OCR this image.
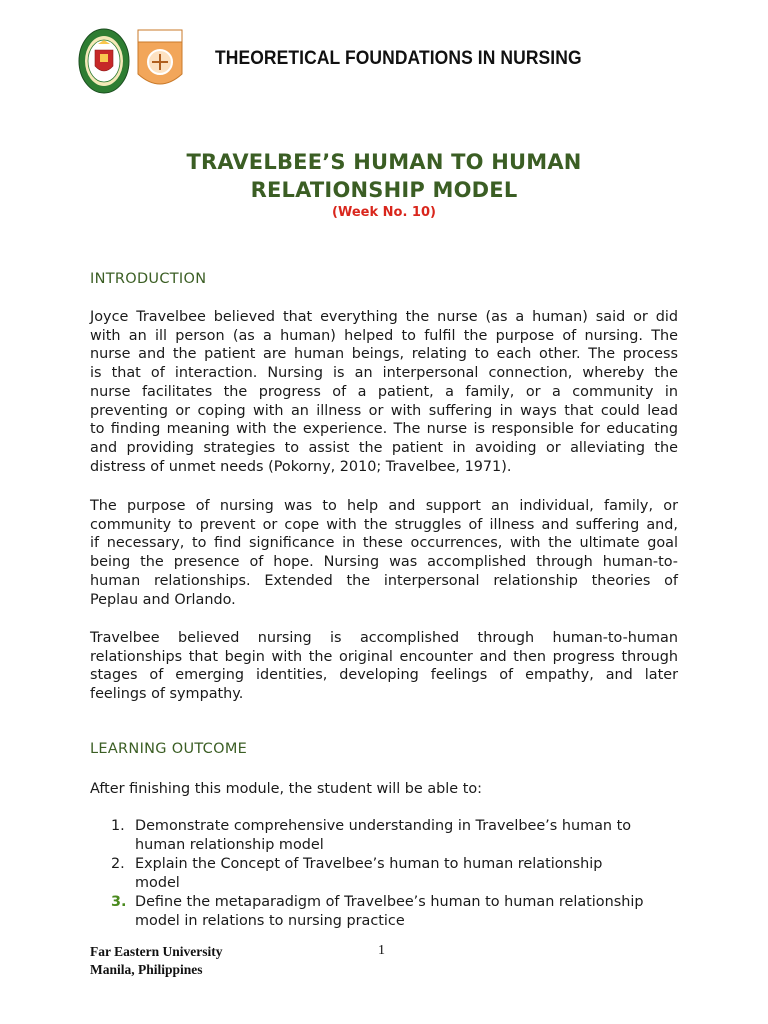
THEORETICAL FOUNDATIONS IN NURSING
TRAVELBEE’S HUMAN TO HUMAN
RELATIONSHIP MODEL
(Week No. 10)
INTRODUCTION
Joyce Travelbee believed that everything the nurse (as a human) said or did
with an ill person (as a human) helped to fulfil the purpose of nursing. The
nurse and the patient are human beings, relating to each other. The process
is that of interaction. Nursing is an interpersonal connection, whereby the
nurse facilitates the progress of a patient, a family, or a community in
preventing or coping with an illness or with suffering in ways that could lead
to finding meaning with the experience. The nurse is responsible for educating
and providing strategies to assist the patient in avoiding or alleviating the
distress of unmet needs (Pokorny, 2010; Travelbee, 1971).
The purpose of nursing was to help and support an individual, family, or
community to prevent or cope with the struggles of illness and suffering and,
if necessary, to find significance in these occurrences, with the ultimate goal
being the presence of hope. Nursing was accomplished through human-to-
human relationships. Extended the interpersonal relationship theories of
Peplau and Orlando.
Travelbee believed nursing is accomplished through human-to-human
relationships that begin with the original encounter and then progress through
stages of emerging identities, developing feelings of empathy, and later
feelings of sympathy.
LEARNING OUTCOME
After finishing this module, the student will be able to:
1. Demonstrate comprehensive understanding in Travelbee’s human to
human relationship model
2. Explain the Concept of Travelbee’s human to human relationship
model
3. Define the metaparadigm of Travelbee’s human to human relationship
model in relations to nursing practice
Far Eastern University
Manila, Philippines
1
